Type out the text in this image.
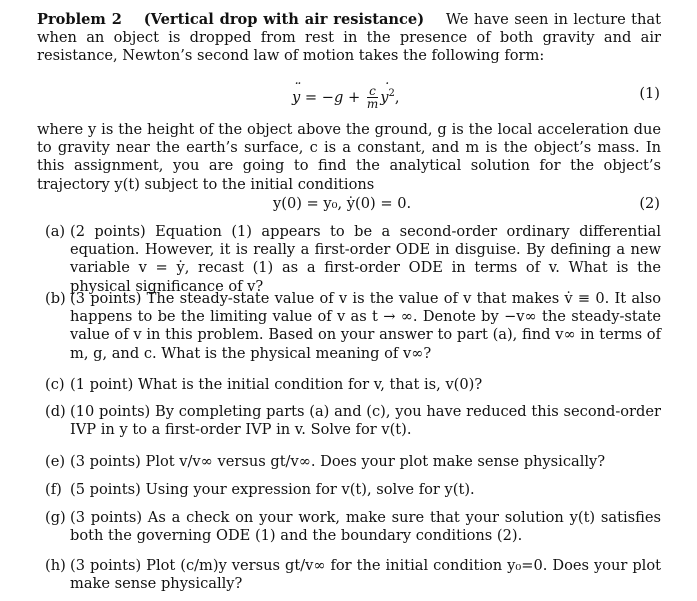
Problem 2 (Vertical drop with air resistance) We have seen in lecture that when an object is dropped from rest in the presence of both gravity and air resistance, Newton’s second law of motion takes the following form:
¨ $y = -g + \frac{c}{m}$
˙ $y^2$,	(1)
where y is the height of the object above the ground, g is the local acceleration due to gravity near the earth’s surface, c is a constant, and m is the object’s mass. In this assignment, you are going to find the analytical solution for the object’s trajectory y(t) subject to the initial conditions
y(0) = y₀, ẏ(0) = 0.	(2)
(a) (2 points) Equation (1) appears to be a second-order ordinary differential equation. However, it is really a first-order ODE in disguise. By defining a new variable v = ẏ, recast (1) as a first-order ODE in terms of v. What is the physical significance of v?
(b) (3 points) The steady-state value of v is the value of v that makes v̇ ≡ 0. It also happens to be the limiting value of v as t → ∞. Denote by −v∞ the steady-state value of v in this problem. Based on your answer to part (a), find v∞ in terms of m, g, and c. What is the physical meaning of v∞?
(c) (1 point) What is the initial condition for v, that is, v(0)?
(d) (10 points) By completing parts (a) and (c), you have reduced this second-order IVP in y to a first-order IVP in v. Solve for v(t).
(e) (3 points) Plot v/v∞ versus gt/v∞. Does your plot make sense physically?
(f) (5 points) Using your expression for v(t), solve for y(t).
(g) (3 points) As a check on your work, make sure that your solution y(t) satisfies both the governing ODE (1) and the boundary conditions (2).
(h) (3 points) Plot (c/m)y versus gt/v∞ for the initial condition y₀=0. Does your plot make sense physically?
